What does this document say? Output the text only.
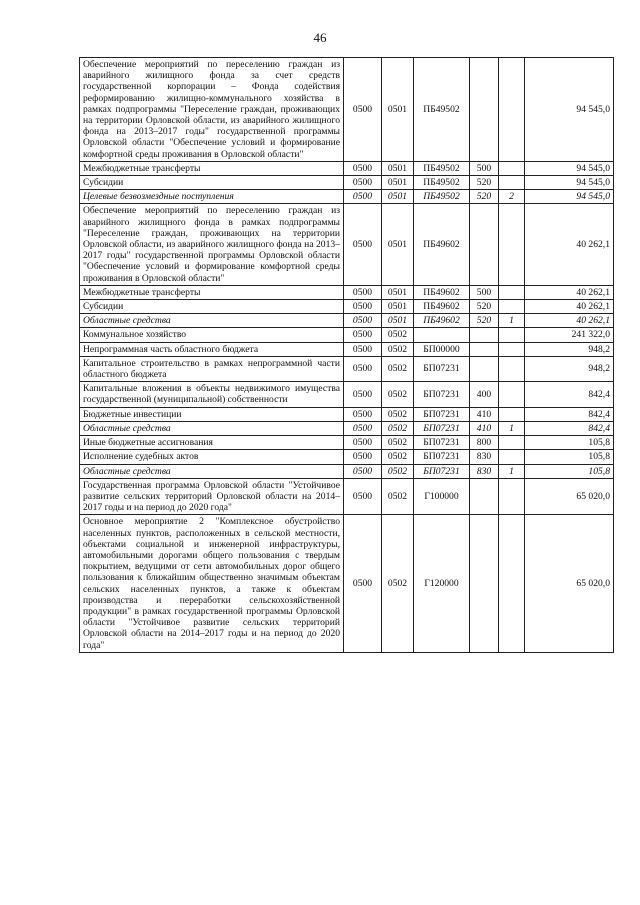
46
Обеспечение мероприятий по переселению граждан из аварийного жилищного фонда за счет средств государственной корпорации – Фонда содействия реформированию жилищно-коммунального хозяйства в рамках подпрограммы "Переселение граждан, проживающих на территории Орловской области, из аварийного жилищного фонда на 2013–2017 годы" государственной программы Орловской области "Обеспечение условий и формирование комфортной среды проживания в Орловской области"	0500	0501	ПБ49502			94 545,0
Межбюджетные трансферты	0500	0501	ПБ49502	500		94 545,0
Субсидии	0500	0501	ПБ49502	520		94 545,0
Целевые безвозмездные поступления	0500	0501	ПБ49502	520	2	94 545,0
Обеспечение мероприятий по переселению граждан из аварийного жилищного фонда в рамках подпрограммы "Переселение граждан, проживающих на территории Орловской области, из аварийного жилищного фонда на 2013–2017 годы" государственной программы Орловской области "Обеспечение условий и формирование комфортной среды проживания в Орловской области"	0500	0501	ПБ49602			40 262,1
Межбюджетные трансферты	0500	0501	ПБ49602	500		40 262,1
Субсидии	0500	0501	ПБ49602	520		40 262,1
Областные средства	0500	0501	ПБ49602	520	1	40 262,1
Коммунальное хозяйство	0500	0502				241 322,0
Непрограммная часть областного бюджета	0500	0502	БП00000			948,2
Капитальное строительство в рамках непрограммной части областного бюджета	0500	0502	БП07231			948,2
Капитальные вложения в объекты недвижимого имущества государственной (муниципальной) собственности	0500	0502	БП07231	400		842,4
Бюджетные инвестиции	0500	0502	БП07231	410		842,4
Областные средства	0500	0502	БП07231	410	1	842,4
Иные бюджетные ассигнования	0500	0502	БП07231	800		105,8
Исполнение судебных актов	0500	0502	БП07231	830		105,8
Областные средства	0500	0502	БП07231	830	1	105,8
Государственная программа Орловской области "Устойчивое развитие сельских территорий Орловской области на 2014–2017 годы и на период до 2020 года"	0500	0502	Г100000			65 020,0
Основное мероприятие 2 "Комплексное обустройство населенных пунктов, расположенных в сельской местности, объектами социальной и инженерной инфраструктуры, автомобильными дорогами общего пользования с твердым покрытием, ведущими от сети автомобильных дорог общего пользования к ближайшим общественно значимым объектам сельских населенных пунктов, а также к объектам производства и переработки сельскохозяйственной продукции" в рамках государственной программы Орловской области "Устойчивое развитие сельских территорий Орловской области на 2014–2017 годы и на период до 2020 года"	0500	0502	Г120000			65 020,0
